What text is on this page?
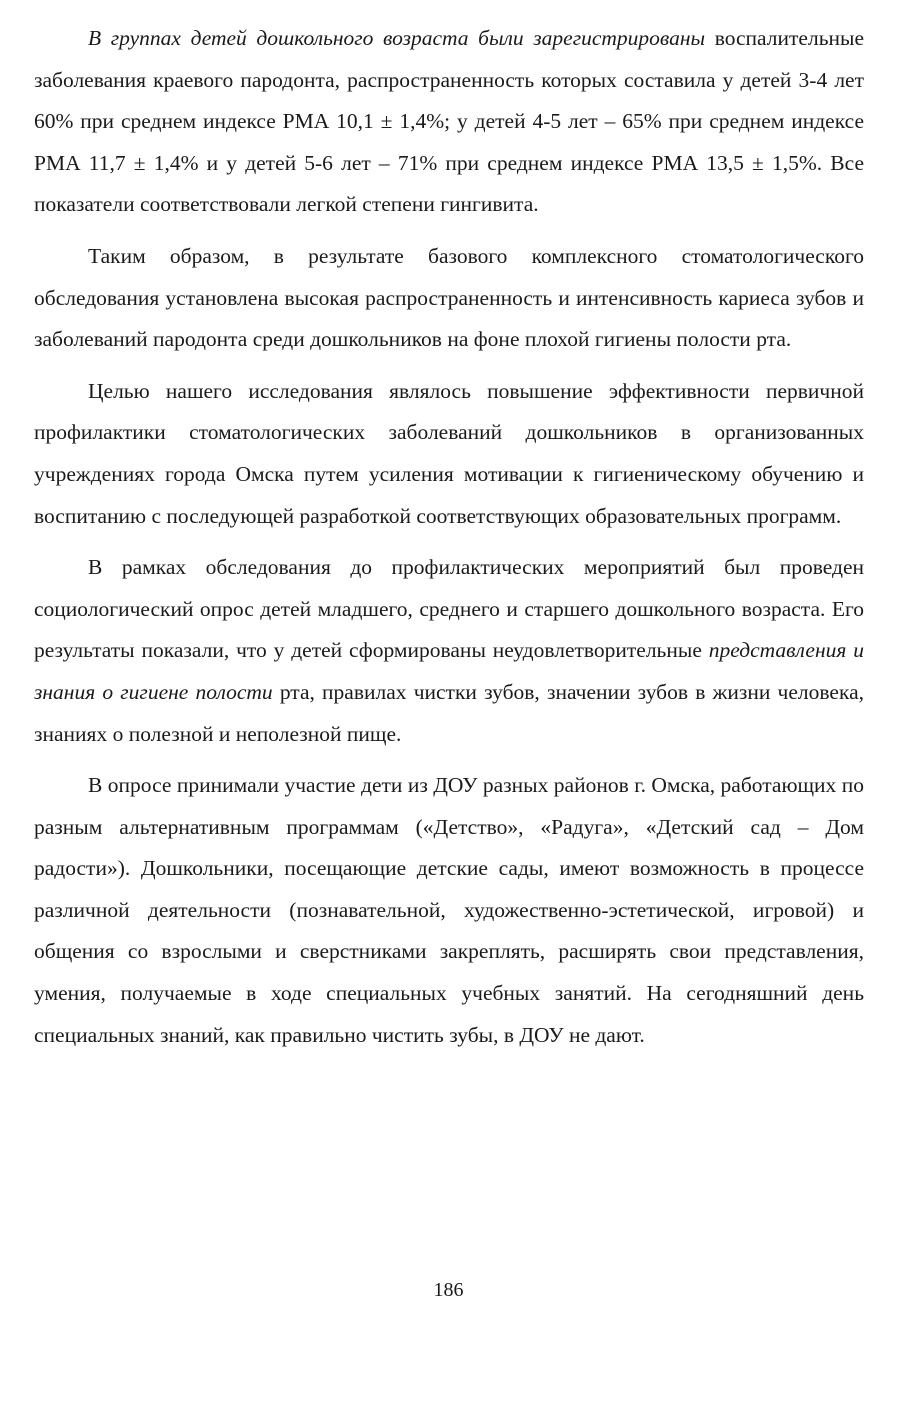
В группах детей дошкольного возраста были зарегистрированы воспалительные заболевания краевого пародонта, распространенность которых составила у детей 3-4 лет 60% при среднем индексе РМА 10,1 ± 1,4%; у детей 4-5 лет – 65% при среднем индексе РМА 11,7 ± 1,4% и у детей 5-6 лет – 71% при среднем индексе РМА 13,5 ± 1,5%. Все показатели соответствовали легкой степени гингивита.

Таким образом, в результате базового комплексного стоматологического обследования установлена высокая распространенность и интенсивность кариеса зубов и заболеваний пародонта среди дошкольников на фоне плохой гигиены полости рта.

Целью нашего исследования являлось повышение эффективности первичной профилактики стоматологических заболеваний дошкольников в организованных учреждениях города Омска путем усиления мотивации к гигиеническому обучению и воспитанию с последующей разработкой соответствующих образовательных программ.

В рамках обследования до профилактических мероприятий был проведен социологический опрос детей младшего, среднего и старшего дошкольного возраста. Его результаты показали, что у детей сформированы неудовлетворительные представления и знания о гигиене полости рта, правилах чистки зубов, значении зубов в жизни человека, знаниях о полезной и неполезной пище.

В опросе принимали участие дети из ДОУ разных районов г. Омска, работающих по разным альтернативным программам («Детство», «Радуга», «Детский сад – Дом радости»). Дошкольники, посещающие детские сады, имеют возможность в процессе различной деятельности (познавательной, художественно-эстетической, игровой) и общения со взрослыми и сверстниками закреплять, расширять свои представления, умения, получаемые в ходе специальных учебных занятий. На сегодняшний день специальных знаний, как правильно чистить зубы, в ДОУ не дают.

186
